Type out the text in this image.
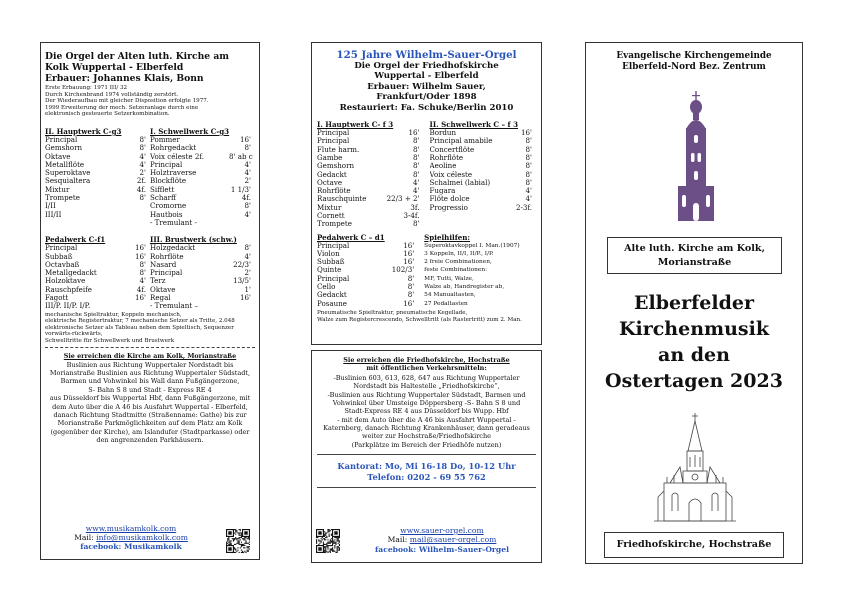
Die Orgel der Alten luth. Kirche am
Kolk Wuppertal - Elberfeld
Erbauer: Johannes Klais, Bonn
Erste Erbauung: 1971 III/ 32
Durch Kirchenbrand 1974 vollständig zerstört.
Der Wiederaufbau mit gleicher Disposition erfolgte 1977.
1999 Erweiterung der mech. Setzeranlage durch eine
elektronisch gesteuerte Setzerkombination.
II. Hauptwerk C-g3
Principal	8'
Gemshorn	8'
Oktave	4'
Metallflöte	4'
Superoktave	2'
Sesquialtera	2f.
Mixtur	4f.
Trompete	8'
I/II
III/II
I. Schwellwerk C-g3
Pommer	16'
Rohrgedackt	8'
Voix céleste 2f.	8' ab c
Principal	4'
Holztraverse	4'
Blockflöte	2'
Sifflett	1 1/3'
Scharff	4f.
Cromorne	8'
Hautbois	4'
- Tremulant -
Pedalwerk C-f1
Principal	16'
Subbaß	16'
Octavbaß	8'
Metallgedackt	8'
Holzoktave	4'
Rauschpfeife	4f.
Fagott	16'
III/P. II/P. I/P.
III. Brustwerk (schw.)
Holzgedackt	8'
Rohrflöte	4'
Nasard	22/3'
Principal	2'
Terz	13/5'
Oktave	1'
Regal	16'
- Tremulant –
mechanische Spieltraktur, Koppeln mechanisch,
elektrische Registertraktur, 7 mechanische Setzer als Tritte, 2.048
elektronische Setzer als Tableau neben dem Spieltisch, Sequenzer
vorwärts-rückwärts,
Schwelltritte für Schwellwerk und Brustwerk
Sie erreichen die Kirche am Kolk, Morianstraße
Buslinien aus Richtung Wuppertaler Nordstadt bis
Morianstraße Buslinien aus Richtung Wuppertaler Südstadt,
Barmen und Vohwinkel bis Wall dann Fußgängerzone,
S- Bahn S 8 und Stadt - Express RE 4
aus Düsseldorf bis Wuppertal Hbf, dann Fußgängerzone, mit
dem Auto über die A 46 bis Ausfahrt Wuppertal - Elberfeld,
danach Richtung Stadtmitte (Straßenname: Gathe) bis zur
Morianstraße Parkmöglichkeiten auf dem Platz am Kolk
(gegenüber der Kirche), am Islandufer (Stadtparkasse) oder
den angrenzenden Parkhäusern.
www.musikamkolk.com
Mail: info@musikamkolk.com
facebook: Musikamkolk
125 Jahre Wilhelm-Sauer-Orgel
Die Orgel der Friedhofskirche
Wuppertal - Elberfeld
Erbauer: Wilhelm Sauer,
Frankfurt/Oder 1898
Restauriert: Fa. Schuke/Berlin 2010
I. Hauptwerk C- f 3
Principal	16'
Principal	8'
Flute harm.	8'
Gambe	8'
Gemshorn	8'
Gedackt	8'
Octave	4'
Rohrflöte	4'
Rauschquinte	22/3 + 2'
Mixtur	3f.
Cornett	3-4f.
Trompete	8'
II. Schwellwerk C – f 3
Bordun	16'
Principal amabile	8'
Concertflöte	8'
Rohrflöte	8'
Aeoline	8'
Voix céleste	8'
Schalmei (labial)	8'
Fugara	4'
Flöte dolce	4'
Progressio	2-3f.
Pedalwerk C – d1
Principal	16'
Violon	16'
Subbaß	16'
Quinte	102/3'
Principal	8'
Cello	8'
Gedackt	8'
Posaune	16'
Spielhilfen:
Superoktavkoppel I. Man.(1907)
3 Koppeln, II/I, II/P., I/P.
2 freie Combinationen,
feste Combinationen:
MF, Tutti, Walze,
Walze ab, Handregister ab,
54 Manualtasten,
27 Pedaltasten
Pneumatische Spieltraktur, pneumatische Kegellade,
Walze zum Registercrescendo, Schwelltritt (als Rastertritt) zum 2. Man.
Sie erreichen die Friedhofskirche, Hochstraße
mit öffentlichen Verkehrsmitteln:
-Buslinien 603, 613, 628, 647 aus Richtung Wuppertaler
Nordstadt bis Haltestelle „Friedhofskirche“,
-Buslinien aus Richtung Wuppertaler Südstadt, Barmen und
Vohwinkel über Umsteige Döppersberg -S- Bahn S 8 und
Stadt-Express RE 4 aus Düsseldorf bis Wupp. Hbf
- mit dem Auto über die A 46 bis Ausfahrt Wuppertal -
Katernberg, danach Richtung Krankenhäuser, dann geradeaus
weiter zur Hochstraße/Friedhofskirche
(Parkplätze im Bereich der Friedhöfe nutzen)
Kantorat: Mo, Mi 16-18 Do, 10-12 Uhr
Telefon: 0202 - 69 55 762
www.sauer-orgel.com
Mail: mail@sauer-orgel.com
facebook: Wilhelm-Sauer-Orgel
Evangelische Kirchengemeinde
Elberfeld-Nord Bez. Zentrum
Alte luth. Kirche am Kolk,
Morianstraße
Elberfelder
Kirchenmusik
an den
Ostertagen 2023
Friedhofskirche, Hochstraße
